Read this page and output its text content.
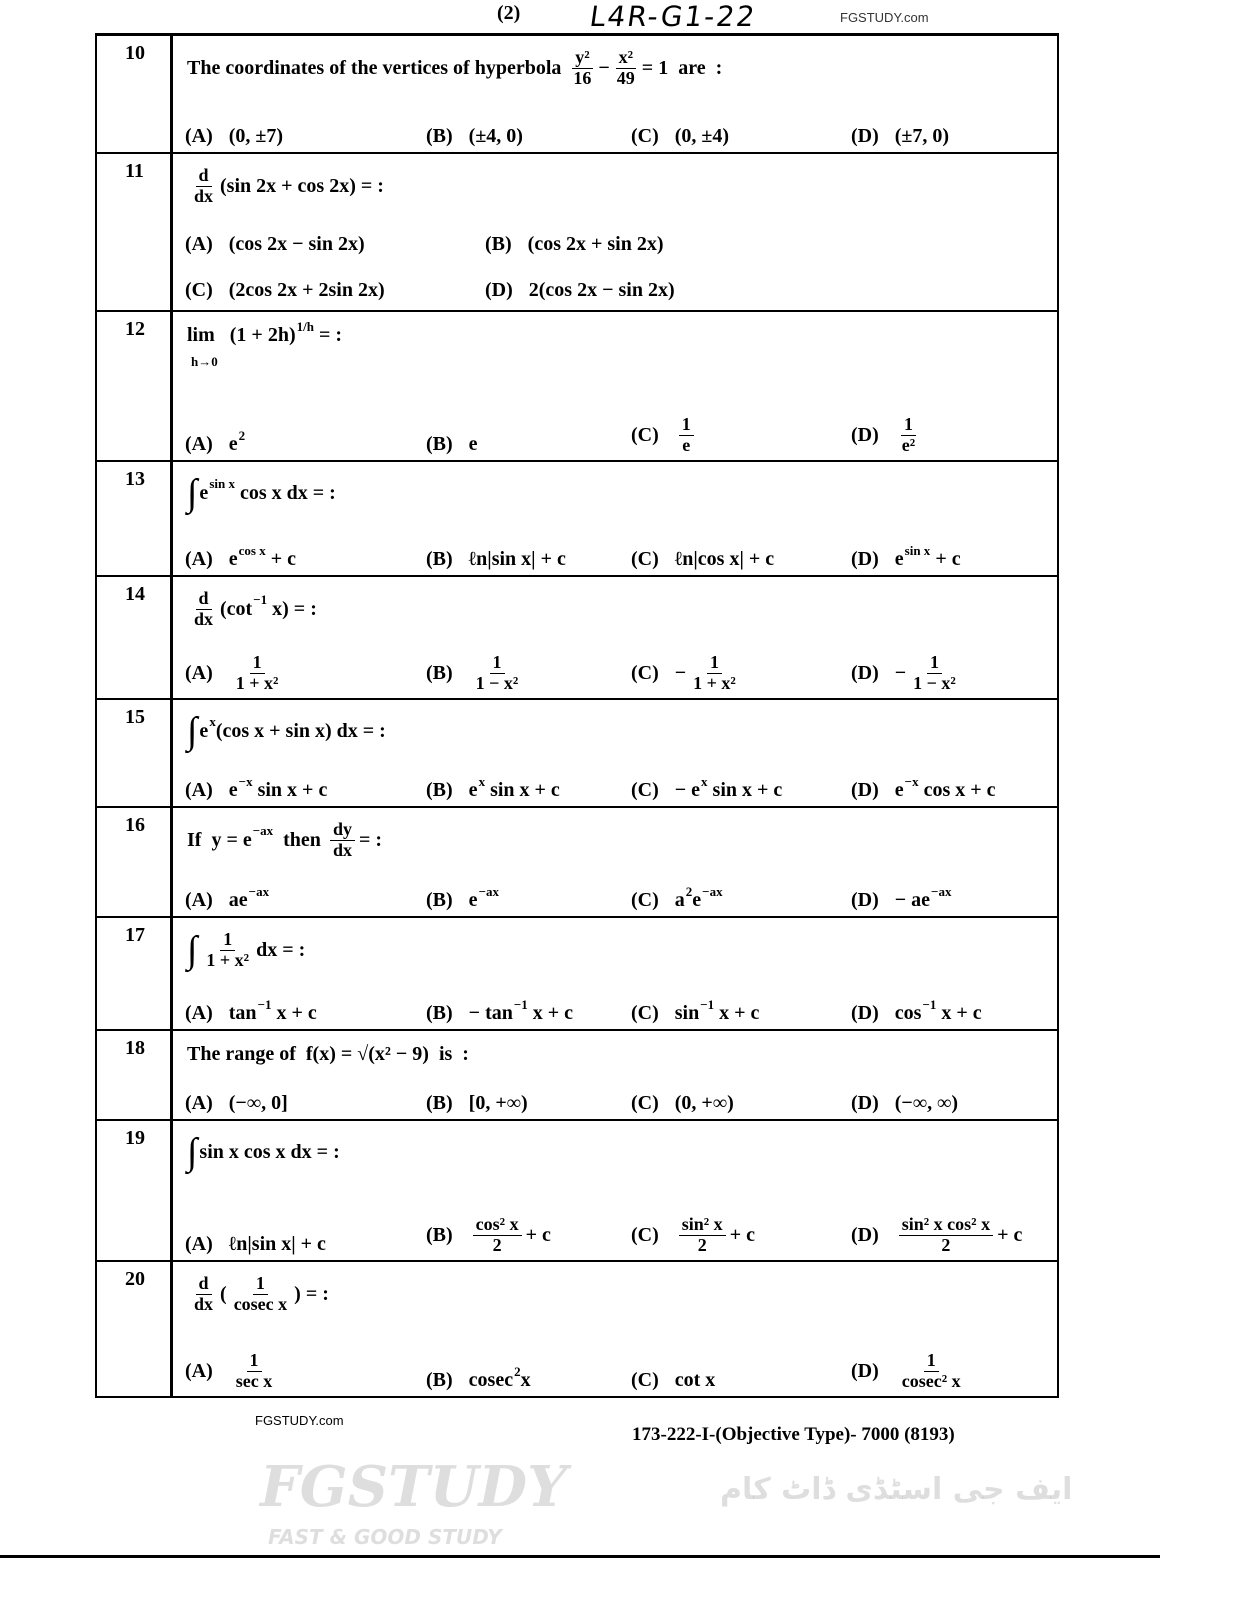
(2) L4R-G1-22	FGSTUDY.com
10
The coordinates of the vertices of hyperbola $\frac{\text{y²}}{16} - \frac{\text{x²}}{49} = 1$  are  :
(A) (0, ±7)	(B) (±4, 0)	(C) (0, ±4)	(D) (±7, 0)
11	$\frac{d}{dx} (\sin$ 2x + cos 2x) = :
(A) (cos 2x − sin 2x)	(B) (cos 2x + sin 2x)
(C) (2cos 2x + 2sin 2x)	(D) 2(cos 2x − sin 2x)
12	lim   (1 + 2h) 1/h = :
h→0
(A) e 2	(B) e	$(C) \frac{1}{e}$	$(D) \frac{1}{\text{e²}}$
13	∫ e sin x cos x dx = :
(A) e cos x + c	(B) ℓn|sin x| + c	(C) ℓn|cos x| + c	(D) e sin x + c
14	$\frac{d}{dx} (\cot -1$ x) = :
$(A) \frac{1}{\text{1 + x²}}$	$(B) \frac{1}{\text{1 − x²}}$	$(C) - \frac{1}{\text{1 + x²}}$	$(D) - \frac{1}{\text{1 − x²}}$
15	∫ e x (cos x + sin x) dx = :
(A) e −x sin x + c	(B) e x sin x + c	(C) − e x sin x + c	(D) e −x cos x + c
16
If  y = e −ax then $\frac{dy}{dx}$ = :
(A) ae −ax	(B) e −ax	(C) a 2 e −ax	(D) − ae −ax
17	∫ $\frac{1}{\text{1 + x²}}$ dx = :
(A) tan −1 x + c	(B) − tan −1 x + c	(C) sin −1 x + c	(D) cos −1 x + c
18	The range of  f(x) = √(x² − 9)  is  :
(A) (−∞, 0]	(B) [0, +∞)	(C) (0, +∞)	(D) (−∞, ∞)
19	∫ sin x cos x dx = :
(A) ℓn|sin x| + c	$(B) \frac{\text{cos² x}}{2} + c$	$(C) \frac{\text{sin² x}}{2} + c$	$(D) \frac{\text{sin² x cos² x}}{2} + c$
20	$\frac{d}{dx}$ ( $\frac{1}{\text{cosec x}}$ ) = :
$(A) \frac{1}{\text{sec x}}$	(B) cosec 2 x	(C) cot x	$(D) \frac{1}{\text{cosec² x}}$
FGSTUDY.com
173-222-I-(Objective Type)- 7000 (8193)
FGSTUDY
FAST & GOOD STUDY
ایف جی اسٹڈی ڈاٹ کام
